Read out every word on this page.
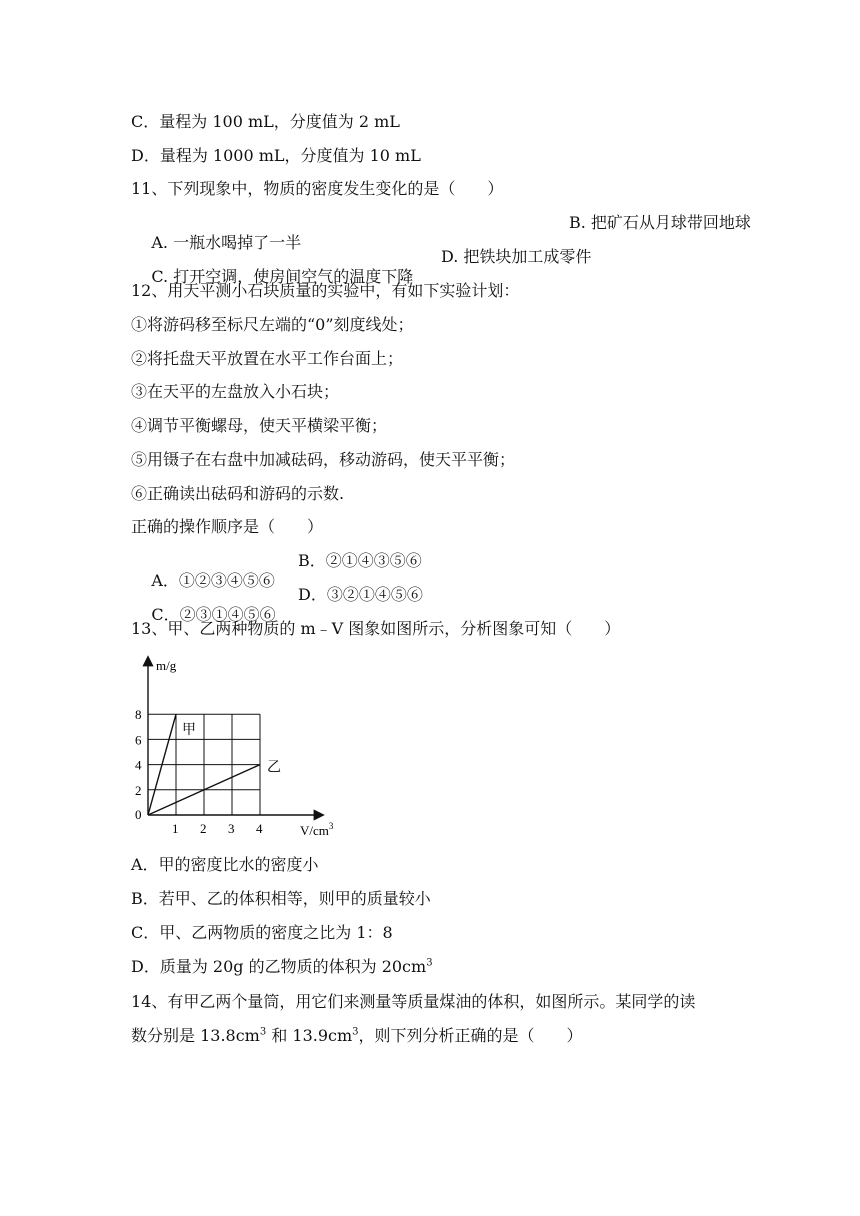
C．量程为 100 mL，分度值为 2 mL
D．量程为 1000 mL，分度值为 10 mL
11、下列现象中，物质的密度发生变化的是（　　）

A. 一瓶水喝掉了一半

B. 把矿石从月球带回地球

C. 打开空调，使房间空气的温度下降

D. 把铁块加工成零件

12、用天平测小石块质量的实验中，有如下实验计划：
①将游码移至标尺左端的“0”刻度线处；
②将托盘天平放置在水平工作台面上；
③在天平的左盘放入小石块；
④调节平衡螺母，使天平横梁平衡；
⑤用镊子在右盘中加减砝码，移动游码，使天平平衡；
⑥正确读出砝码和游码的示数.
正确的操作顺序是（　　）

A．①②③④⑤⑥

B．②①④③⑤⑥

C．②③①④⑤⑥

D．③②①④⑤⑥

13、甲、乙两种物质的 m﹣V 图象如图所示，分析图象可知（　　）
甲
乙
1 2 3 4
2
4
6
8
m/g
$V/cm^3$
0
A．甲的密度比水的密度小
B．若甲、乙的体积相等，则甲的质量较小
C．甲、乙两物质的密度之比为 1：8
D．质量为 20g 的乙物质的体积为 $20cm^3$
14、有甲乙两个量筒，用它们来测量等质量煤油的体积，如图所示。某同学的读
数分别是 $13.8cm^3$ 和 $13.9cm^3$，则下列分析正确的是（　　）
